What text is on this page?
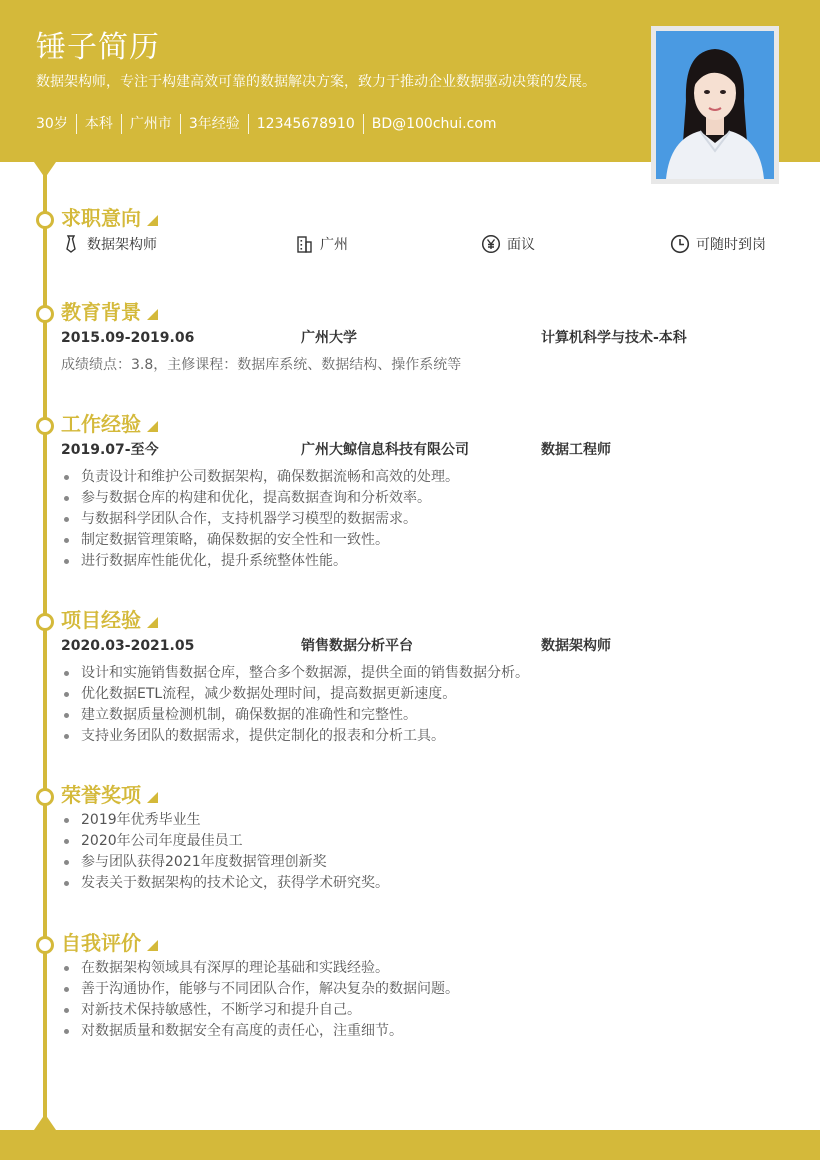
锤子简历
数据架构师，专注于构建高效可靠的数据解决方案，致力于推动企业数据驱动决策的发展。
30岁	本科	广州市	3年经验	12345678910	BD@100chui.com
求职意向
数据架构师	广州	面议	可随时到岗
教育背景
2015.09-2019.06	广州大学	计算机科学与技术-本科
成绩绩点：3.8，主修课程：数据库系统、数据结构、操作系统等
工作经验
2019.07-至今	广州大鲸信息科技有限公司	数据工程师
负责设计和维护公司数据架构，确保数据流畅和高效的处理。
参与数据仓库的构建和优化，提高数据查询和分析效率。
与数据科学团队合作，支持机器学习模型的数据需求。
制定数据管理策略，确保数据的安全性和一致性。
进行数据库性能优化，提升系统整体性能。
项目经验
2020.03-2021.05	销售数据分析平台	数据架构师
设计和实施销售数据仓库，整合多个数据源，提供全面的销售数据分析。
优化数据ETL流程，减少数据处理时间，提高数据更新速度。
建立数据质量检测机制，确保数据的准确性和完整性。
支持业务团队的数据需求，提供定制化的报表和分析工具。
荣誉奖项
2019年优秀毕业生
2020年公司年度最佳员工
参与团队获得2021年度数据管理创新奖
发表关于数据架构的技术论文，获得学术研究奖。
自我评价
在数据架构领域具有深厚的理论基础和实践经验。
善于沟通协作，能够与不同团队合作，解决复杂的数据问题。
对新技术保持敏感性，不断学习和提升自己。
对数据质量和数据安全有高度的责任心，注重细节。
